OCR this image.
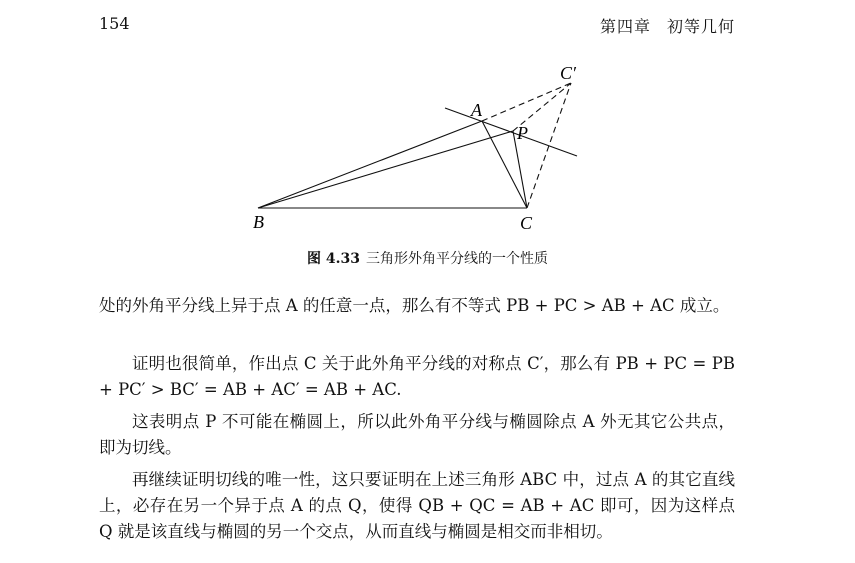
154	第四章 初等几何
A
P
B	C
C′
图 4.33 三角形外角平分线的一个性质

处的外角平分线上异于点 A 的任意一点，那么有不等式 PB + PC > AB + AC 成立。

证明也很简单，作出点 C 关于此外角平分线的对称点 C′，那么有 PB + PC = PB + PC′ > BC′ = AB + AC′ = AB + AC.

这表明点 P 不可能在椭圆上，所以此外角平分线与椭圆除点 A 外无其它公共点，即为切线。

再继续证明切线的唯一性，这只要证明在上述三角形 ABC 中，过点 A 的其它直线上，必存在另一个异于点 A 的点 Q，使得 QB + QC = AB + AC 即可，因为这样点 Q 就是该直线与椭圆的另一个交点，从而直线与椭圆是相交而非相切。
